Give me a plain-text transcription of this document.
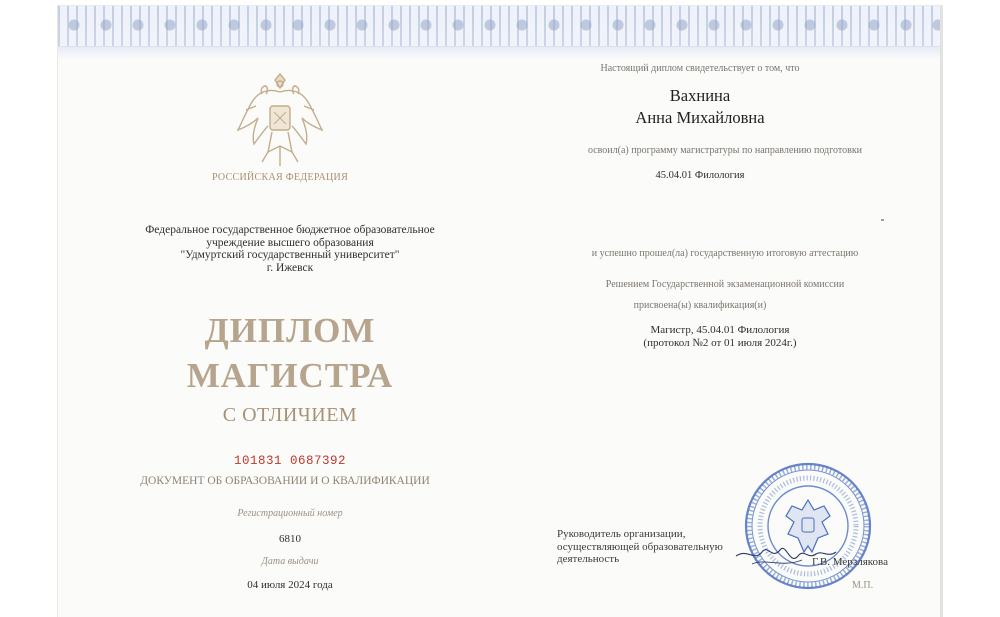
РОССИЙСКАЯ ФЕДЕРАЦИЯ
Федеральное государственное бюджетное образовательное
учреждение высшего образования
"Удмуртский государственный университет"
г. Ижевск
ДИПЛОМ
МАГИСТРА
С ОТЛИЧИЕМ
101831 0687392
ДОКУМЕНТ ОБ ОБРАЗОВАНИИ И О КВАЛИФИКАЦИИ
Регистрационный номер
6810
Дата выдачи
04 июля 2024 года
Настоящий диплом свидетельствует о том, что
Вахнина
Анна Михайловна
освоил(а) программу магистратуры по направлению подготовки
45.04.01 Филология
и успешно прошел(ла) государственную итоговую аттестацию
Решением Государственной экзаменационной комиссии
присвоена(ы) квалификация(и)
Магистр, 45.04.01 Филология
(протокол №2 от 01 июля 2024г.)
Руководитель организации,
осуществляющей образовательную
деятельность	Г.В. Мерзлякова
М.П.
